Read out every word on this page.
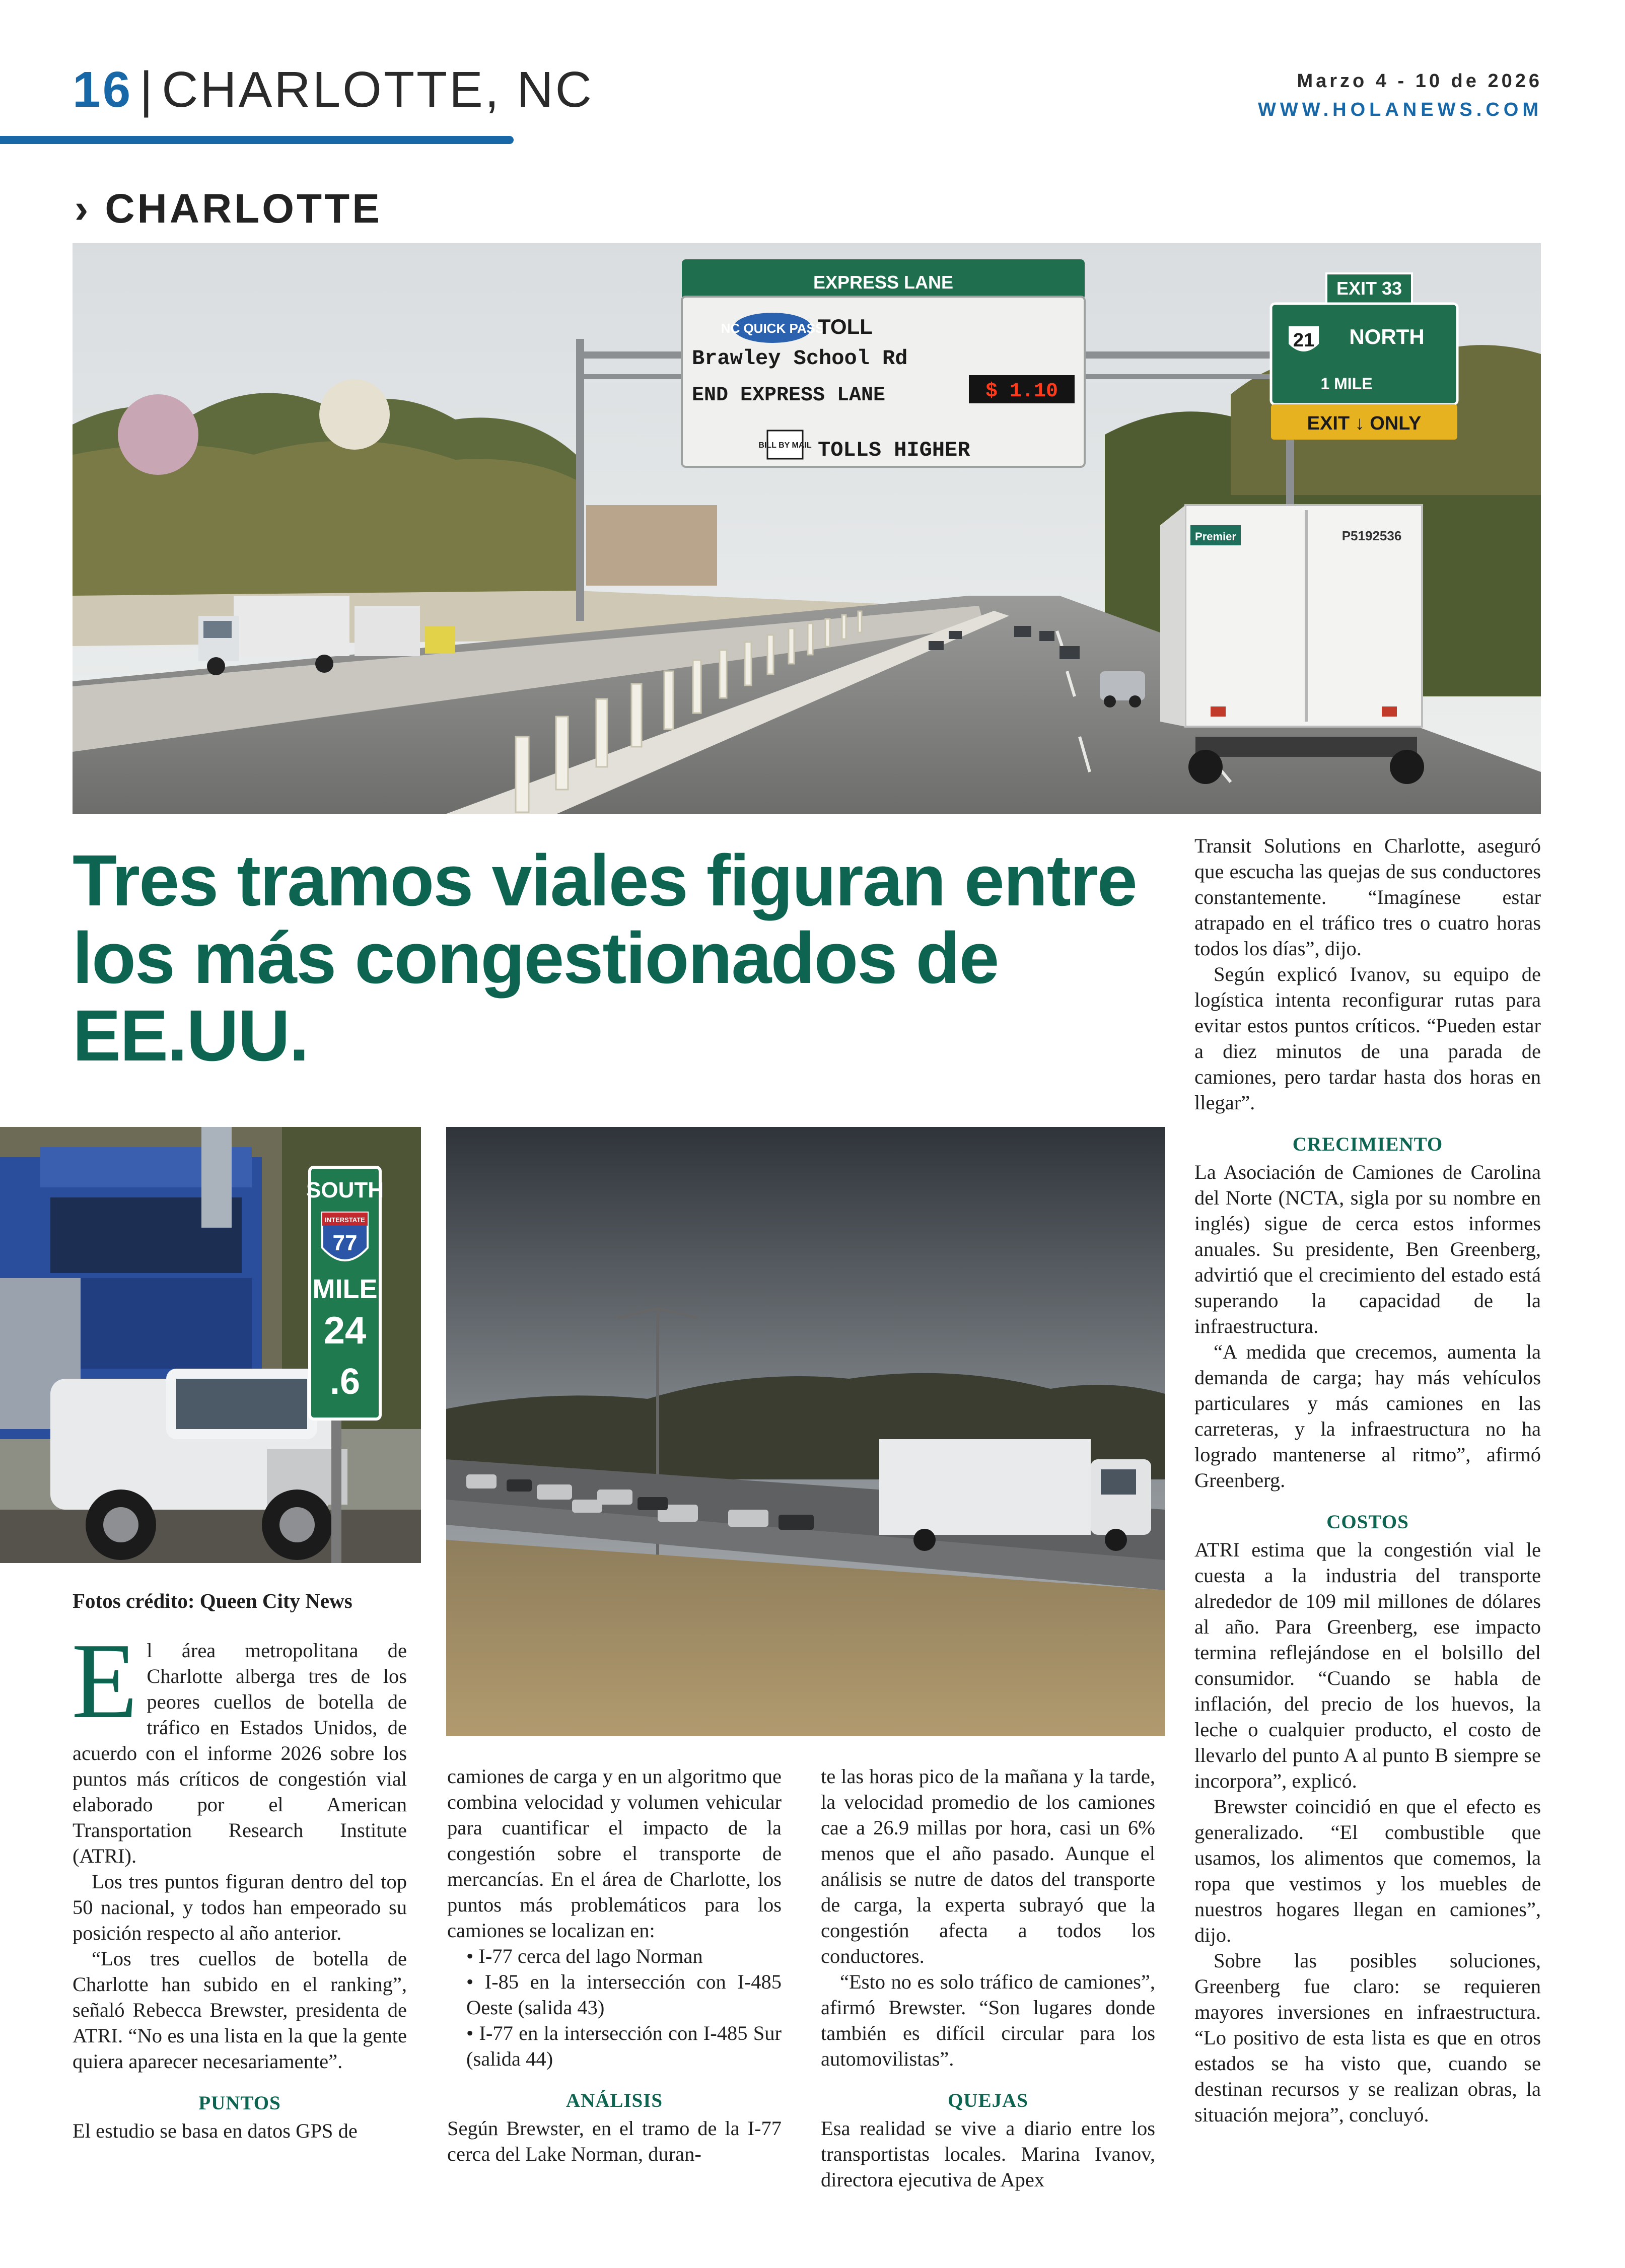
16 | CHARLOTTE, NC	Marzo 4 - 10 de 2026
WWW.HOLANEWS.COM
› CHARLOTTE
EXPRESS LANE
NC QUICK PASS
TOLL
Brawley School Rd
$ 1.10
END EXPRESS LANE
BILL BY MAIL TOLLS HIGHER
EXIT 33
21 NORTH
1 MILE
EXIT ↓ ONLY
Premier	P5192536
Tres tramos viales figuran entre los más congestionados de EE.UU.
SOUTH
INTERSTATE
77
MILE
24
.6
Fotos crédito: Queen City News

El área metropolitana de Charlotte alberga tres de los peores cuellos de botella de tráfico en Estados Unidos, de acuerdo con el informe 2026 sobre los puntos más críticos de congestión vial elaborado por el American Transportation Research Institute (ATRI).

Los tres puntos figuran dentro del top 50 nacional, y todos han empeorado su posición respecto al año anterior.

“Los tres cuellos de botella de Charlotte han subido en el ranking”, señaló Rebecca Brewster, presidenta de ATRI. “No es una lista en la que la gente quiera aparecer necesariamente”.

PUNTOS

El estudio se basa en datos GPS de

camiones de carga y en un algoritmo que combina velocidad y volumen vehicular para cuantificar el impacto de la congestión sobre el transporte de mercancías. En el área de Charlotte, los puntos más problemáticos para los camiones se localizan en:

• I-77 cerca del lago Norman

• I-85 en la intersección con I-485 Oeste (salida 43)

• I-77 en la intersección con I-485 Sur (salida 44)

ANÁLISIS

Según Brewster, en el tramo de la I-77 cerca del Lake Norman, duran-

te las horas pico de la mañana y la tarde, la velocidad promedio de los camiones cae a 26.9 millas por hora, casi un 6% menos que el año pasado. Aunque el análisis se nutre de datos del transporte de carga, la experta subrayó que la congestión afecta a todos los conductores.

“Esto no es solo tráfico de camiones”, afirmó Brewster. “Son lugares donde también es difícil circular para los automovilistas”.

QUEJAS

Esa realidad se vive a diario entre los transportistas locales. Marina Ivanov, directora ejecutiva de Apex

Transit Solutions en Charlotte, aseguró que escucha las quejas de sus conductores constantemente. “Imagínese estar atrapado en el tráfico tres o cuatro horas todos los días”, dijo.

Según explicó Ivanov, su equipo de logística intenta reconfigurar rutas para evitar estos puntos críticos. “Pueden estar a diez minutos de una parada de camiones, pero tardar hasta dos horas en llegar”.

CRECIMIENTO

La Asociación de Camiones de Carolina del Norte (NCTA, sigla por su nombre en inglés) sigue de cerca estos informes anuales. Su presidente, Ben Greenberg, advirtió que el crecimiento del estado está superando la capacidad de la infraestructura.

“A medida que crecemos, aumenta la demanda de carga; hay más vehículos particulares y más camiones en las carreteras, y la infraestructura no ha logrado mantenerse al ritmo”, afirmó Greenberg.

COSTOS

ATRI estima que la congestión vial le cuesta a la industria del transporte alrededor de 109 mil millones de dólares al año. Para Greenberg, ese impacto termina reflejándose en el bolsillo del consumidor. “Cuando se habla de inflación, del precio de los huevos, la leche o cualquier producto, el costo de llevarlo del punto A al punto B siempre se incorpora”, explicó.

Brewster coincidió en que el efecto es generalizado. “El combustible que usamos, los alimentos que comemos, la ropa que vestimos y los muebles de nuestros hogares llegan en camiones”, dijo.

Sobre las posibles soluciones, Greenberg fue claro: se requieren mayores inversiones en infraestructura. “Lo positivo de esta lista es que en otros estados se ha visto que, cuando se destinan recursos y se realizan obras, la situación mejora”, concluyó.
